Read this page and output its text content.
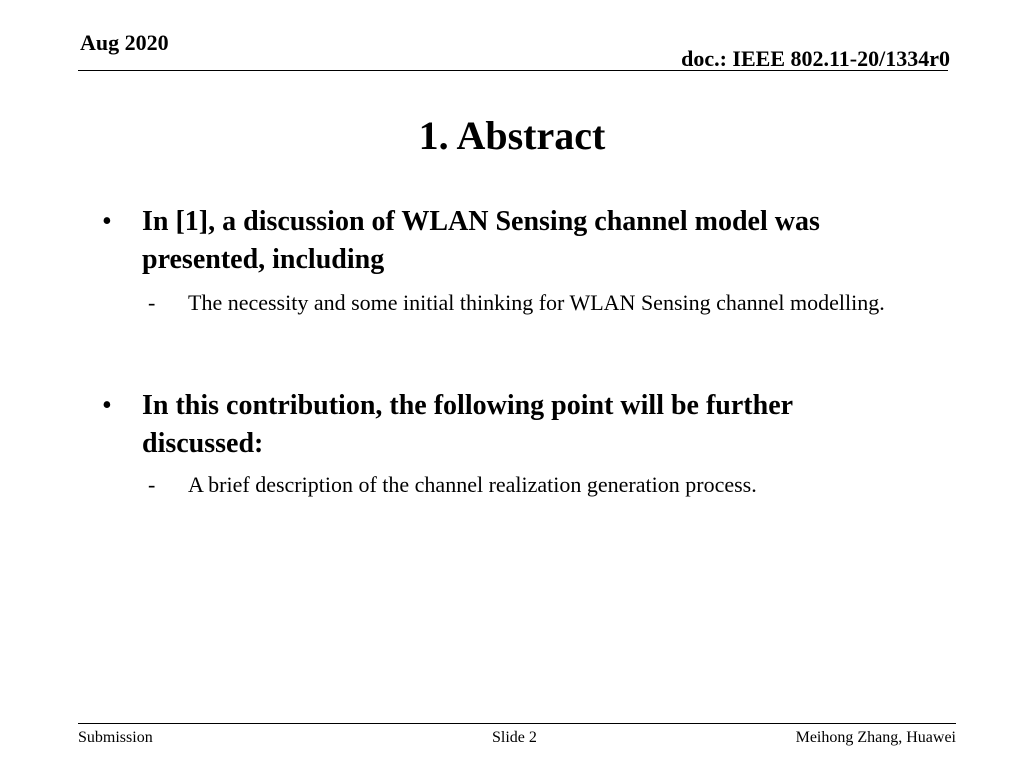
Aug 2020
doc.: IEEE 802.11-20/1334r0
1. Abstract
• In [1], a discussion of WLAN Sensing channel model was presented, including
- The necessity and some initial thinking for WLAN Sensing channel modelling.
• In this contribution, the following point will be further discussed:
- A brief description of the channel realization generation process.
Submission	Slide 2	Meihong Zhang, Huawei
